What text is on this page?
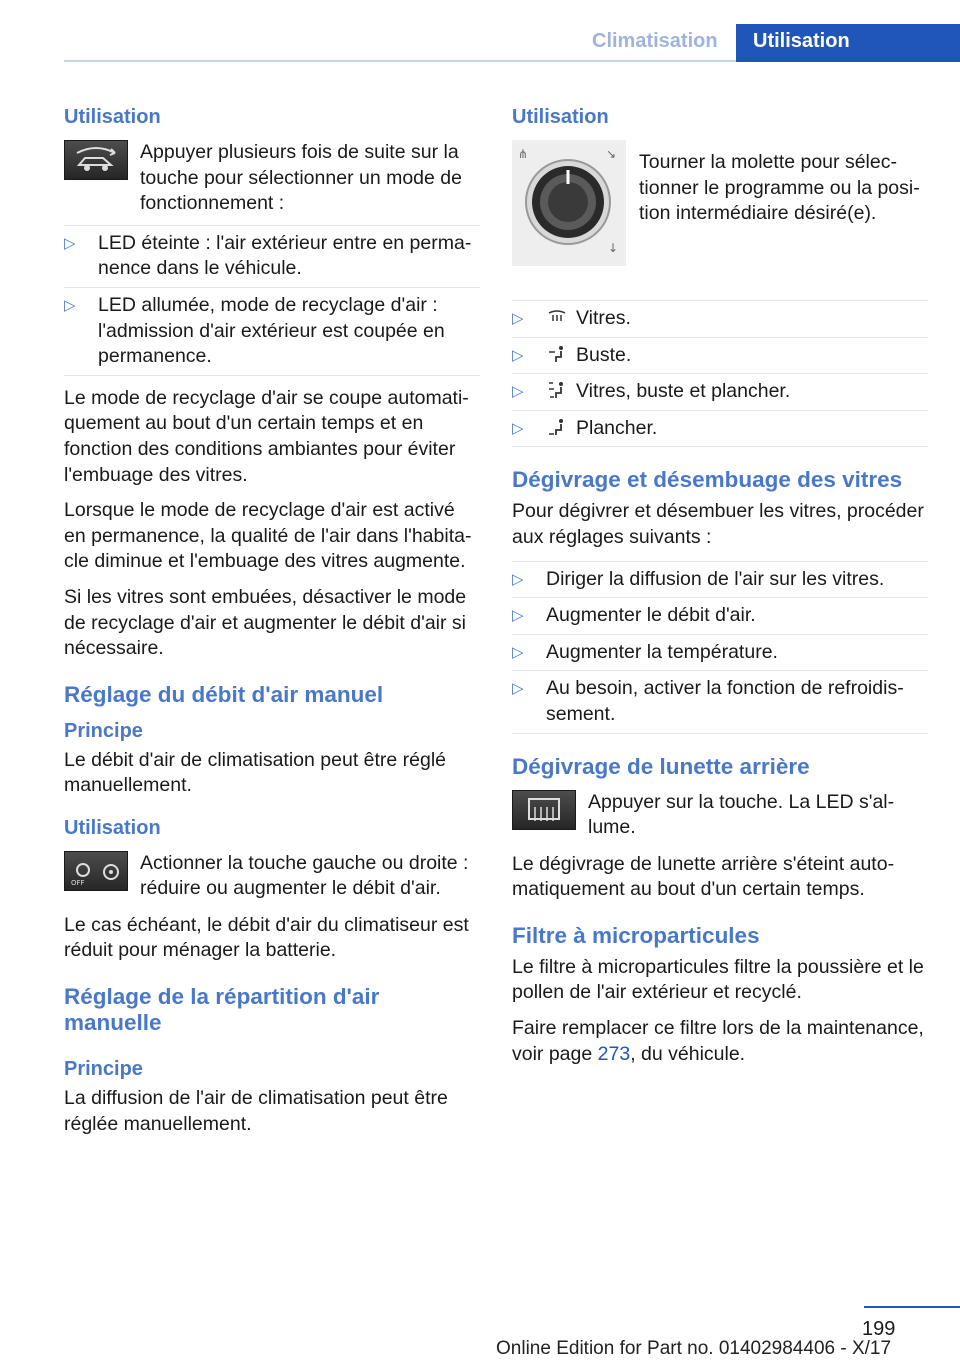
Climatisation	Utilisation
Utilisation
Appuyer plusieurs fois de suite sur la touche pour sélectionner un mode de fonctionnement :
▷ LED éteinte : l'air extérieur entre en permanence dans le véhicule.
▷ LED allumée, mode de recyclage d'air : l'admission d'air extérieur est coupée en permanence.

Le mode de recyclage d'air se coupe automatiquement au bout d'un certain temps et en fonction des conditions ambiantes pour éviter l'embuage des vitres.

Lorsque le mode de recyclage d'air est activé en permanence, la qualité de l'air dans l'habitacle diminue et l'embuage des vitres augmente.

Si les vitres sont embuées, désactiver le mode de recyclage d'air et augmenter le débit d'air si nécessaire.

Réglage du débit d'air manuel
Principe

Le débit d'air de climatisation peut être réglé manuellement.

Utilisation
OFF
Actionner la touche gauche ou droite : réduire ou augmenter le débit d'air.

Le cas échéant, le débit d'air du climatiseur est réduit pour ménager la batterie.

Réglage de la répartition d'air manuelle
Principe

La diffusion de l'air de climatisation peut être réglée manuellement.

Utilisation
⋔	↘
↓
Tourner la molette pour sélectionner le programme ou la position intermédiaire désiré(e).
▷	Vitres.
▷	Buste.
▷	Vitres, buste et plancher.
▷	Plancher.
Dégivrage et désembuage des vitres

Pour dégivrer et désembuer les vitres, procéder aux réglages suivants :

▷ Diriger la diffusion de l'air sur les vitres.
▷ Augmenter le débit d'air.
▷ Augmenter la température.
▷ Au besoin, activer la fonction de refroidissement.
Dégivrage de lunette arrière
Appuyer sur la touche. La LED s'allume.

Le dégivrage de lunette arrière s'éteint automatiquement au bout d'un certain temps.

Filtre à microparticules

Le filtre à microparticules filtre la poussière et le pollen de l'air extérieur et recyclé.

Faire remplacer ce filtre lors de la maintenance, voir page 273, du véhicule.

199
Online Edition for Part no. 01402984406 - X/17
